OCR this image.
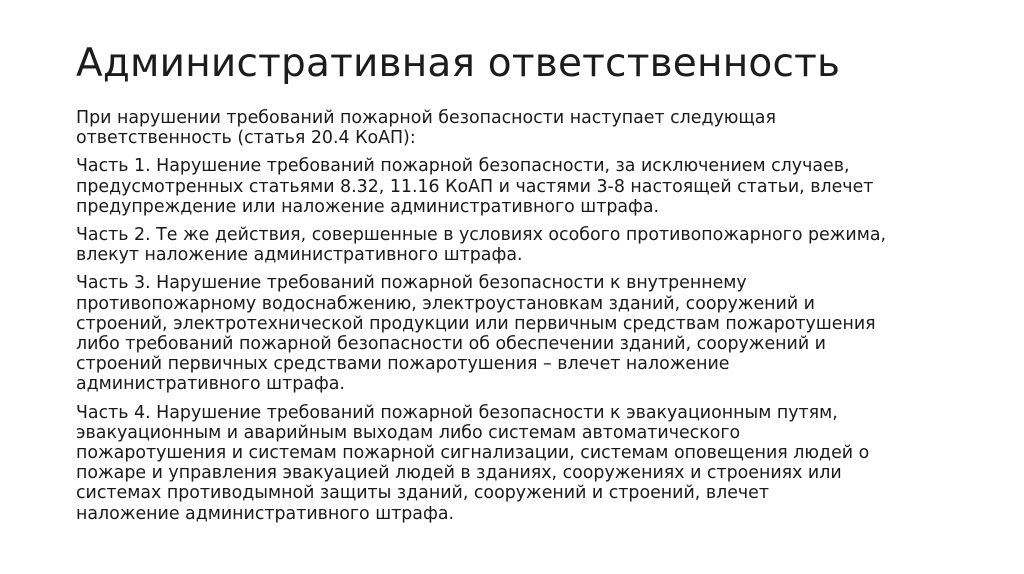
Административная ответственность

При нарушении требований пожарной безопасности наступает следующая
ответственность (статья 20.4 КоАП):

Часть 1. Нарушение требований пожарной безопасности, за исключением случаев,
предусмотренных статьями 8.32, 11.16 КоАП и частями 3-8 настоящей статьи, влечет
предупреждение или наложение административного штрафа.

Часть 2. Те же действия, совершенные в условиях особого противопожарного режима,
влекут наложение административного штрафа.

Часть 3. Нарушение требований пожарной безопасности к внутреннему
противопожарному водоснабжению, электроустановкам зданий, сооружений и
строений, электротехнической продукции или первичным средствам пожаротушения
либо требований пожарной безопасности об обеспечении зданий, сооружений и
строений первичных средствами пожаротушения – влечет наложение
административного штрафа.

Часть 4. Нарушение требований пожарной безопасности к эвакуационным путям,
эвакуационным и аварийным выходам либо системам автоматического
пожаротушения и системам пожарной сигнализации, системам оповещения людей о
пожаре и управления эвакуацией людей в зданиях, сооружениях и строениях или
системах противодымной защиты зданий, сооружений и строений, влечет
наложение административного штрафа.
